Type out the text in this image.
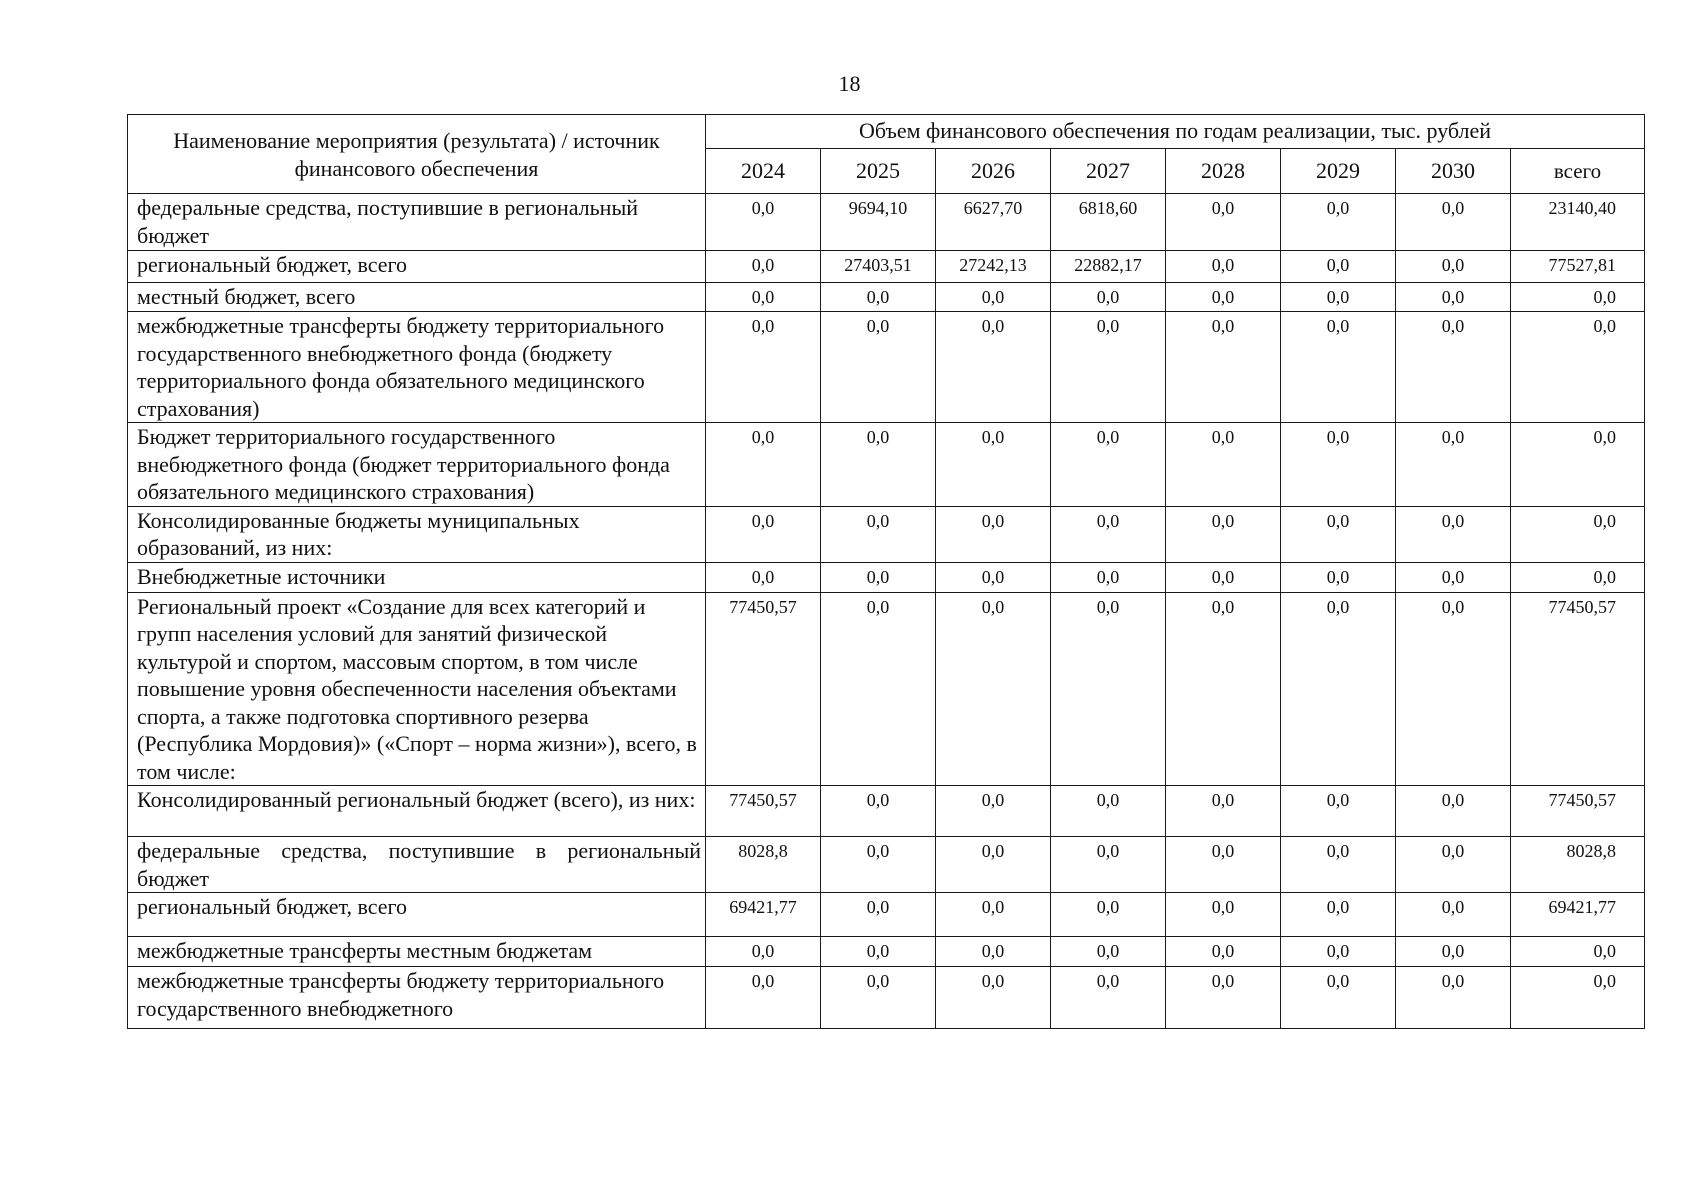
18
Наименование мероприятия (результата) / источник финансового обеспечения	Объем финансового обеспечения по годам реализации, тыс. рублей							
	2024	2025	2026	2027	2028	2029	2030	всего
федеральные средства, поступившие в региональный бюджет	0,0	9694,10	6627,70	6818,60	0,0	0,0	0,0	23140,40
региональный бюджет, всего	0,0	27403,51	27242,13	22882,17	0,0	0,0	0,0	77527,81
местный бюджет, всего	0,0	0,0	0,0	0,0	0,0	0,0	0,0	0,0
межбюджетные трансферты бюджету территориального государственного внебюджетного фонда (бюджету территориального фонда обязательного медицинского страхования)	0,0	0,0	0,0	0,0	0,0	0,0	0,0	0,0
Бюджет территориального государственного внебюджетного фонда (бюджет территориального фонда обязательного медицинского страхования)	0,0	0,0	0,0	0,0	0,0	0,0	0,0	0,0
Консолидированные бюджеты муниципальных образований, из них:	0,0	0,0	0,0	0,0	0,0	0,0	0,0	0,0
Внебюджетные источники	0,0	0,0	0,0	0,0	0,0	0,0	0,0	0,0
Региональный проект «Создание для всех категорий и групп населения условий для занятий физической культурой и спортом, массовым спортом, в том числе повышение уровня обеспеченности населения объектами спорта, а также подготовка спортивного резерва (Республика Мордовия)» («Спорт – норма жизни»), всего, в том числе:	77450,57	0,0	0,0	0,0	0,0	0,0	0,0	77450,57
Консолидированный региональный бюджет (всего), из них:	77450,57	0,0	0,0	0,0	0,0	0,0	0,0	77450,57
федеральные средства, поступившие в региональный бюджет	8028,8	0,0	0,0	0,0	0,0	0,0	0,0	8028,8
региональный бюджет, всего	69421,77	0,0	0,0	0,0	0,0	0,0	0,0	69421,77
межбюджетные трансферты местным бюджетам	0,0	0,0	0,0	0,0	0,0	0,0	0,0	0,0
межбюджетные трансферты бюджету территориального государственного внебюджетного	0,0	0,0	0,0	0,0	0,0	0,0	0,0	0,0
